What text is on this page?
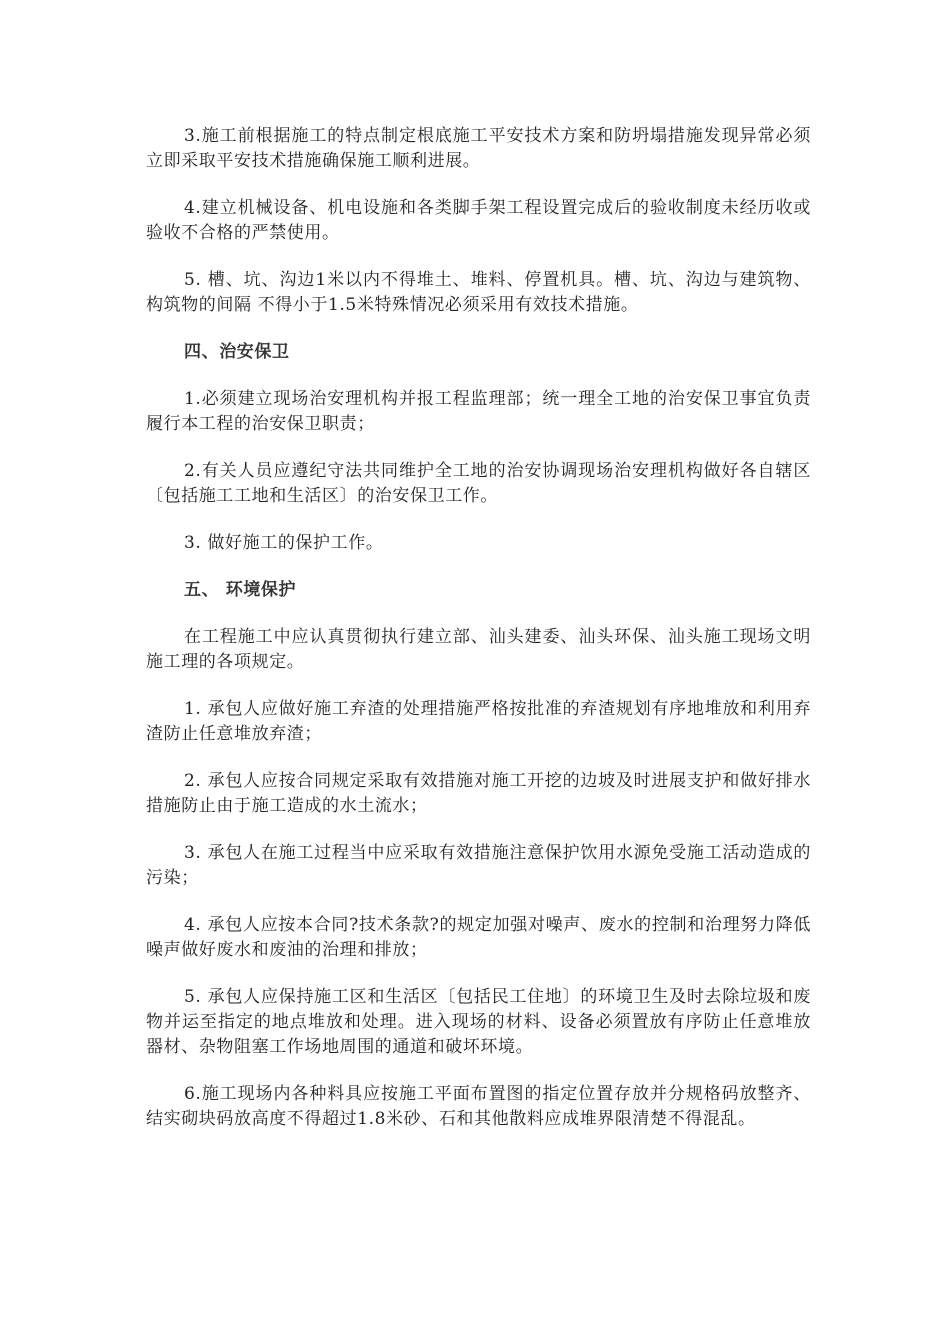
3.施工前根据施工的特点制定根底施工平安技术方案和防坍塌措施发现异常必须立即采取平安技术措施确保施工顺利进展。

4.建立机械设备、机电设施和各类脚手架工程设置完成后的验收制度未经历收或验收不合格的严禁使用。

5. 槽、坑、沟边1米以内不得堆土、堆料、停置机具。槽、坑、沟边与建筑物、构筑物的间隔 不得小于1.5米特殊情况必须采用有效技术措施。

四、治安保卫

1.必须建立现场治安理机构并报工程监理部；统一理全工地的治安保卫事宜负责履行本工程的治安保卫职责；

2.有关人员应遵纪守法共同维护全工地的治安协调现场治安理机构做好各自辖区〔包括施工工地和生活区〕的治安保卫工作。

3. 做好施工的保护工作。

五、 环境保护

在工程施工中应认真贯彻执行建立部、汕头建委、汕头环保、汕头施工现场文明施工理的各项规定。

1. 承包人应做好施工弃渣的处理措施严格按批准的弃渣规划有序地堆放和利用弃渣防止任意堆放弃渣；

2. 承包人应按合同规定采取有效措施对施工开挖的边坡及时进展支护和做好排水措施防止由于施工造成的水土流水；

3. 承包人在施工过程当中应采取有效措施注意保护饮用水源免受施工活动造成的污染；

4. 承包人应按本合同?技术条款?的规定加强对噪声、废水的控制和治理努力降低噪声做好废水和废油的治理和排放；

5. 承包人应保持施工区和生活区〔包括民工住地〕的环境卫生及时去除垃圾和废物并运至指定的地点堆放和处理。进入现场的材料、设备必须置放有序防止任意堆放器材、杂物阻塞工作场地周围的通道和破坏环境。

6.施工现场内各种料具应按施工平面布置图的指定位置存放并分规格码放整齐、结实砌块码放高度不得超过1.8米砂、石和其他散料应成堆界限清楚不得混乱。
